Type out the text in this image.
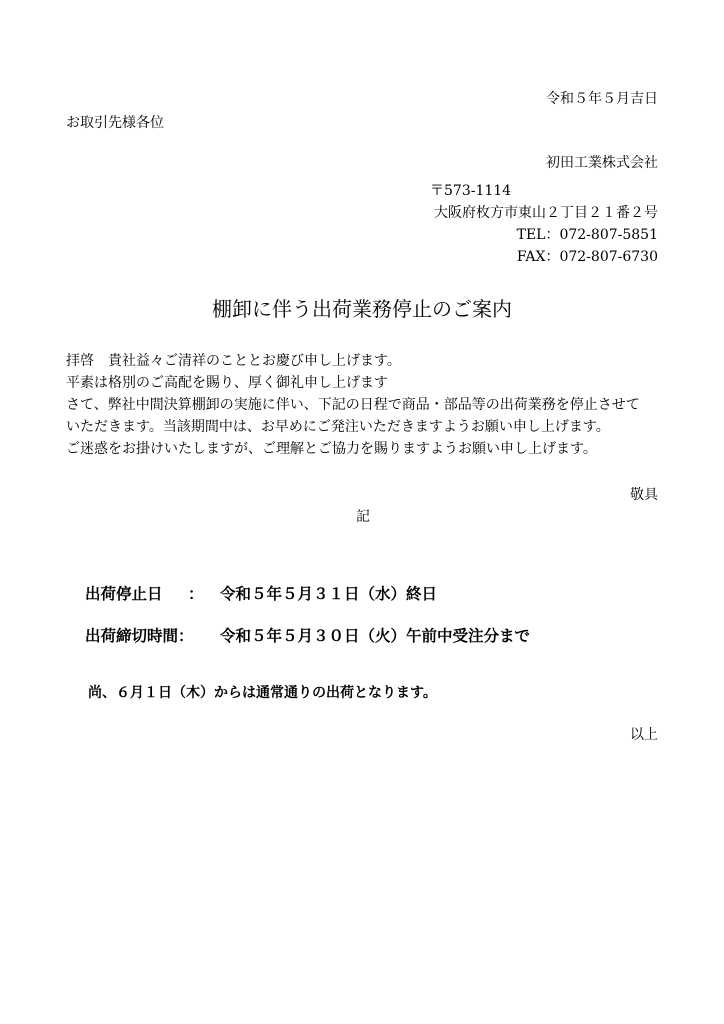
令和５年５月吉日
お取引先様各位
初田工業株式会社
〒573-1114
大阪府枚方市東山２丁目２１番２号
TEL：072-807-5851
FAX：072-807-6730
棚卸に伴う出荷業務停止のご案内
拝啓　貴社益々ご清祥のこととお慶び申し上げます。
平素は格別のご高配を賜り、厚く御礼申し上げます
さて、弊社中間決算棚卸の実施に伴い、下記の日程で商品・部品等の出荷業務を停止させて
いただきます。当該期間中は、お早めにご発注いただきますようお願い申し上げます。
ご迷惑をお掛けいたしますが、ご理解とご協力を賜りますようお願い申し上げます。
敬具
記
出荷停止日 ： 令和５年５月３１日（水）終日
出荷締切時間： 令和５年５月３０日（火）午前中受注分まで
尚、６月１日（木）からは通常通りの出荷となります。
以上
